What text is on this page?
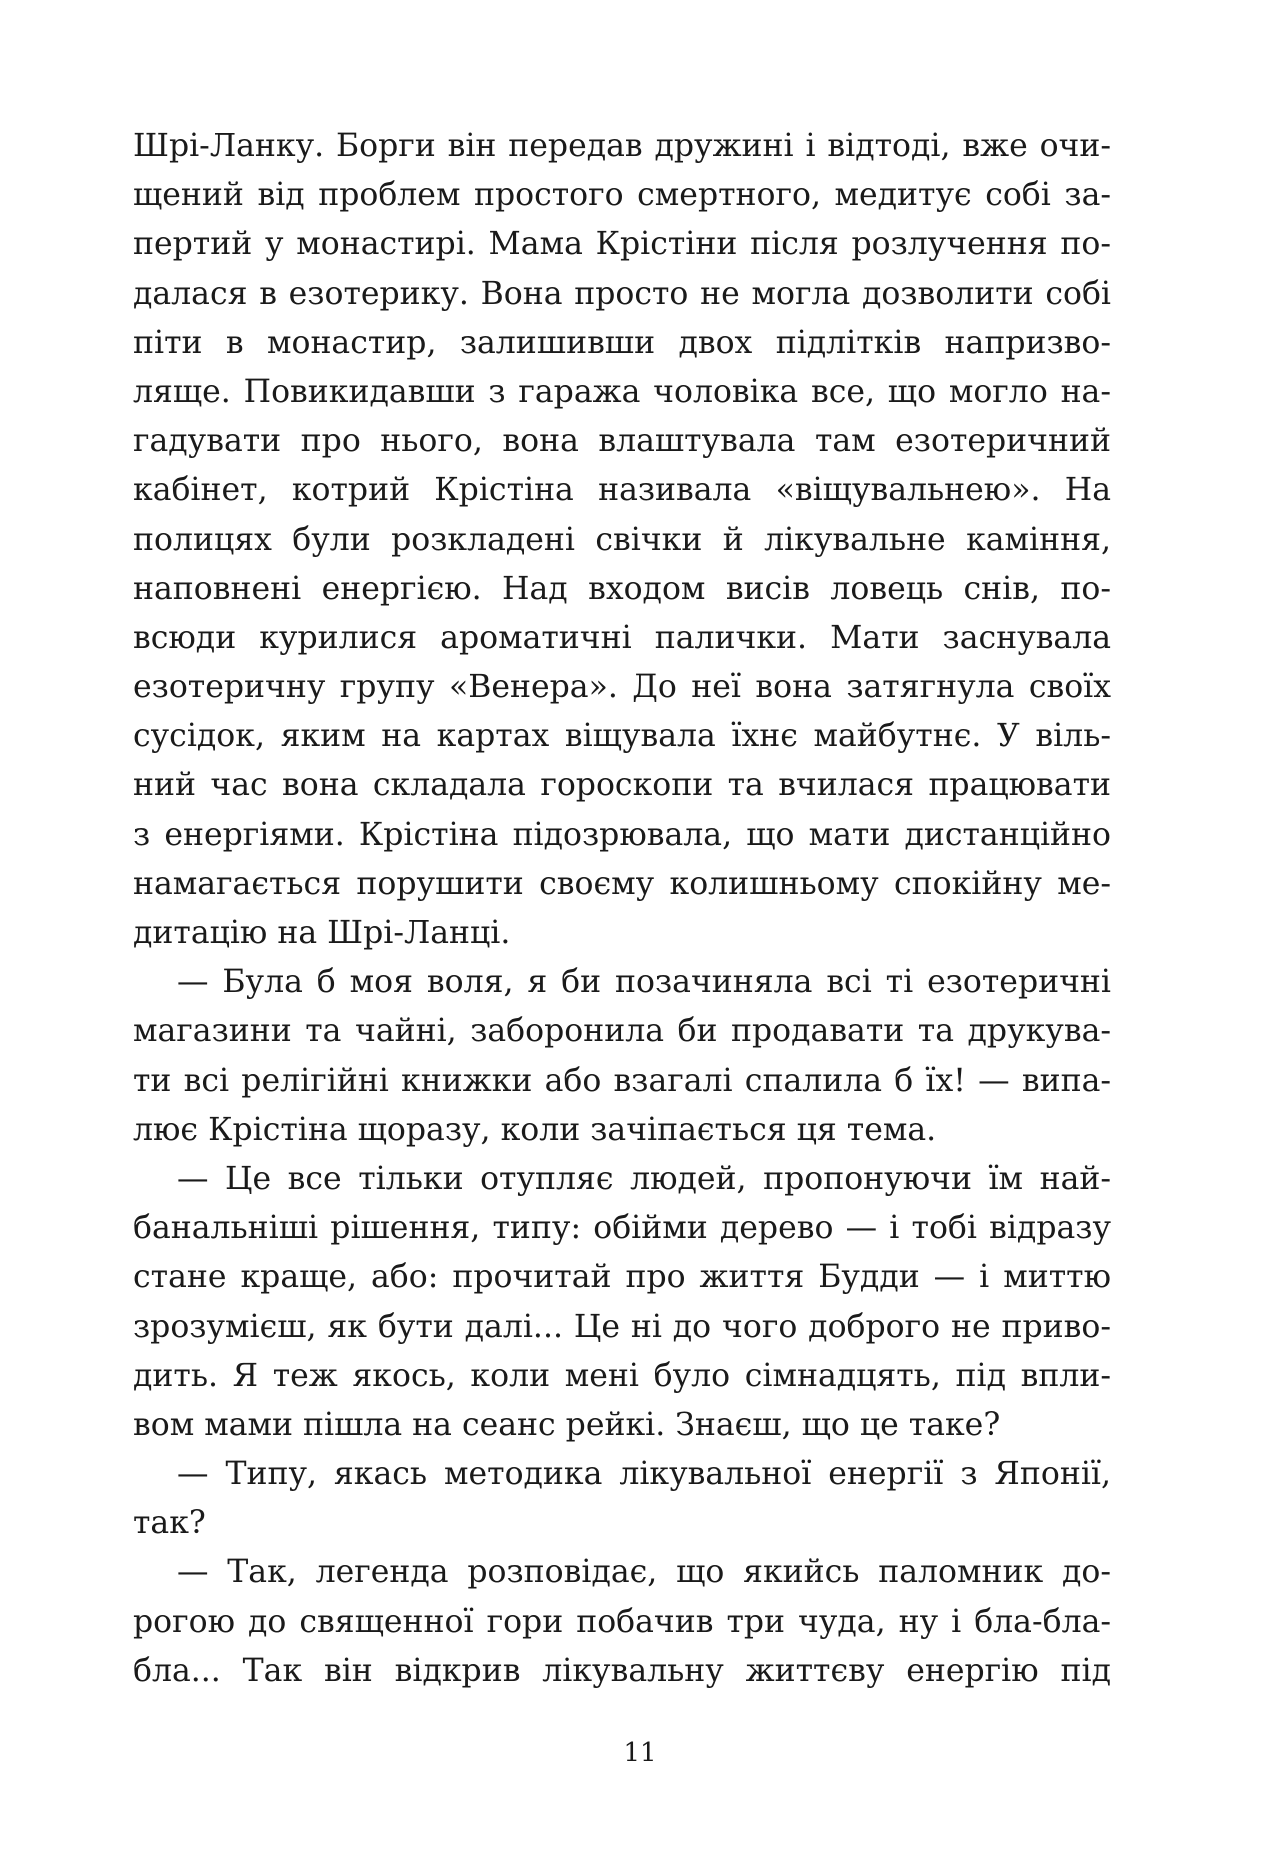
Шрі-Ланку. Борги він передав дружині і відтоді, вже очи-
щений від проблем простого смертного, медитує собі за-
пертий у монастирі. Мама Крістіни після розлучення по-
далася в езотерику. Вона просто не могла дозволити собі
піти в монастир, залишивши двох підлітків напризво-
лящe. Повикидавши з гаража чоловіка все, що могло на-
гадувати про нього, вона влаштувала там езотеричний
кабінет, котрий Крістіна називала «віщувальнею». На
полицях були розкладені свічки й лікувальне каміння,
наповнені енергією. Над входом висів ловець снів, по-
всюди курилися ароматичні палички. Мати заснувала
езотеричну групу «Венера». До неї вона затягнула своїх
сусідок, яким на картах віщувала їхнє майбутнє. У віль-
ний час вона складала гороскопи та вчилася працювати
з енергіями. Крістіна підозрювала, що мати дистанційно
намагається порушити своєму колишньому спокійну ме-
дитацію на Шрі-Ланці.
— Була б моя воля, я би позачиняла всі ті езотеричні
магазини та чайні, заборонила би продавати та друкува-
ти всі релігійні книжки або взагалі спалила б їх! — випа-
лює Крістіна щоразу, коли зачіпається ця тема.
— Це все тільки отупляє людей, пропонуючи їм най-
банальніші рішення, типу: обійми дерево — і тобі відразу
стане краще, або: прочитай про життя Будди — і миттю
зрозумієш, як бути далі... Це ні до чого доброго не приво-
дить. Я теж якось, коли мені було сімнадцять, під впли-
вом мами пішла на сеанс рейкі. Знаєш, що це таке?
— Типу, якась методика лікувальної енергії з Японії,
так?
— Так, легенда розповідає, що якийсь паломник до-
рогою до священної гори побачив три чуда, ну і бла-бла-
бла... Так він відкрив лікувальну життєву енергію під
11
